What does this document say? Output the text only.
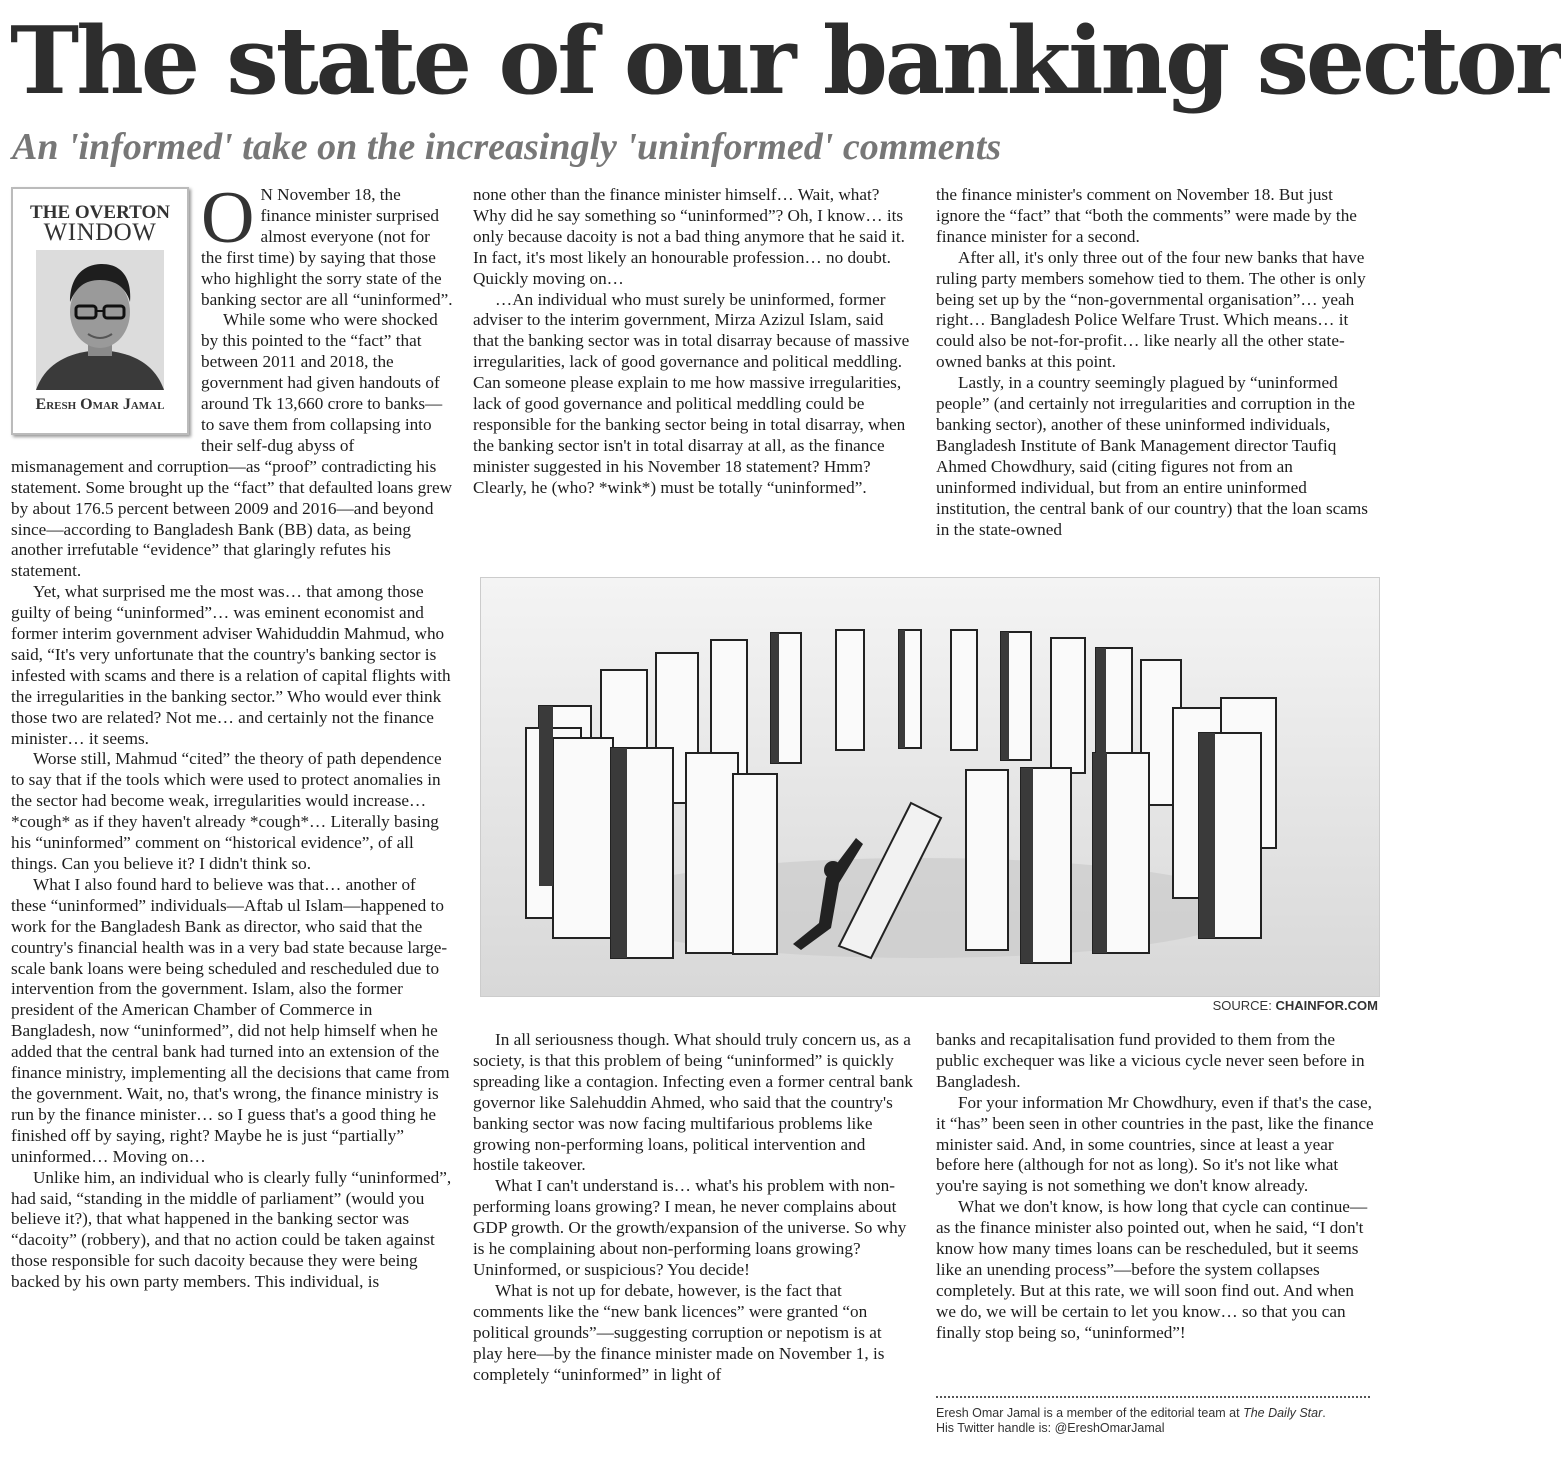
The state of our banking sector
An 'informed' take on the increasingly 'uninformed' comments
THE OVERTON
WINDOW
Eresh Omar Jamal
O N November 18, the finance minister surprised almost everyone (not for the first time) by saying that those who highlight the sorry state of the banking sector are all “uninformed”.

While some who were shocked by this pointed to the “fact” that between 2011 and 2018, the government had given handouts of around Tk 13,660 crore to banks—to save them from collapsing into their self-dug abyss of mismanagement and corruption—as “proof” contradicting his statement. Some brought up the “fact” that defaulted loans grew by about 176.5 percent between 2009 and 2016—and beyond since—according to Bangladesh Bank (BB) data, as being another irrefutable “evidence” that glaringly refutes his statement.

Yet, what surprised me the most was… that among those guilty of being “uninformed”… was eminent economist and former interim government adviser Wahiduddin Mahmud, who said, “It's very unfortunate that the country's banking sector is infested with scams and there is a relation of capital flights with the irregularities in the banking sector.” Who would ever think those two are related? Not me… and certainly not the finance minister… it seems.

Worse still, Mahmud “cited” the theory of path dependence to say that if the tools which were used to protect anomalies in the sector had become weak, irregularities would increase… *cough* as if they haven't already *cough*… Literally basing his “uninformed” comment on “historical evidence”, of all things. Can you believe it? I didn't think so.

What I also found hard to believe was that… another of these “uninformed” individuals—Aftab ul Islam—happened to work for the Bangladesh Bank as director, who said that the country's financial health was in a very bad state because large-scale bank loans were being scheduled and rescheduled due to intervention from the government. Islam, also the former president of the American Chamber of Commerce in Bangladesh, now “uninformed”, did not help himself when he added that the central bank had turned into an extension of the finance ministry, implementing all the decisions that came from the government. Wait, no, that's wrong, the finance ministry is run by the finance minister… so I guess that's a good thing he finished off by saying, right? Maybe he is just “partially” uninformed… Moving on…

Unlike him, an individual who is clearly fully “uninformed”, had said, “standing in the middle of parliament” (would you believe it?), that what happened in the banking sector was “dacoity” (robbery), and that no action could be taken against those responsible for such dacoity because they were being backed by his own party members. This individual, is

none other than the finance minister himself… Wait, what? Why did he say something so “uninformed”? Oh, I know… its only because dacoity is not a bad thing anymore that he said it. In fact, it's most likely an honourable profession… no doubt. Quickly moving on…

…An individual who must surely be uninformed, former adviser to the interim government, Mirza Azizul Islam, said that the banking sector was in total disarray because of massive irregularities, lack of good governance and political meddling. Can someone please explain to me how massive irregularities, lack of good governance and political meddling could be responsible for the banking sector being in total disarray, when the banking sector isn't in total disarray at all, as the finance minister suggested in his November 18 statement? Hmm? Clearly, he (who? *wink*) must be totally “uninformed”.

the finance minister's comment on November 18. But just ignore the “fact” that “both the comments” were made by the finance minister for a second.

After all, it's only three out of the four new banks that have ruling party members somehow tied to them. The other is only being set up by the “non-governmental organisation”… yeah right… Bangladesh Police Welfare Trust. Which means… it could also be not-for-profit… like nearly all the other state-owned banks at this point.

Lastly, in a country seemingly plagued by “uninformed people” (and certainly not irregularities and corruption in the banking sector), another of these uninformed individuals, Bangladesh Institute of Bank Management director Taufiq Ahmed Chowdhury, said (citing figures not from an uninformed individual, but from an entire uninformed institution, the central bank of our country) that the loan scams in the state-owned

SOURCE: CHAINFOR.COM

In all seriousness though. What should truly concern us, as a society, is that this problem of being “uninformed” is quickly spreading like a contagion. Infecting even a former central bank governor like Salehuddin Ahmed, who said that the country's banking sector was now facing multifarious problems like growing non-performing loans, political intervention and hostile takeover.

What I can't understand is… what's his problem with non-performing loans growing? I mean, he never complains about GDP growth. Or the growth/expansion of the universe. So why is he complaining about non-performing loans growing? Uninformed, or suspicious? You decide!

What is not up for debate, however, is the fact that comments like the “new bank licences” were granted “on political grounds”—suggesting corruption or nepotism is at play here—by the finance minister made on November 1, is completely “uninformed” in light of

banks and recapitalisation fund provided to them from the public exchequer was like a vicious cycle never seen before in Bangladesh.

For your information Mr Chowdhury, even if that's the case, it “has” been seen in other countries in the past, like the finance minister said. And, in some countries, since at least a year before here (although for not as long). So it's not like what you're saying is not something we don't know already.

What we don't know, is how long that cycle can continue—as the finance minister also pointed out, when he said, “I don't know how many times loans can be rescheduled, but it seems like an unending process”—before the system collapses completely. But at this rate, we will soon find out. And when we do, we will be certain to let you know… so that you can finally stop being so, “uninformed”!

Eresh Omar Jamal is a member of the editorial team at The Daily Star.
His Twitter handle is: @EreshOmarJamal
